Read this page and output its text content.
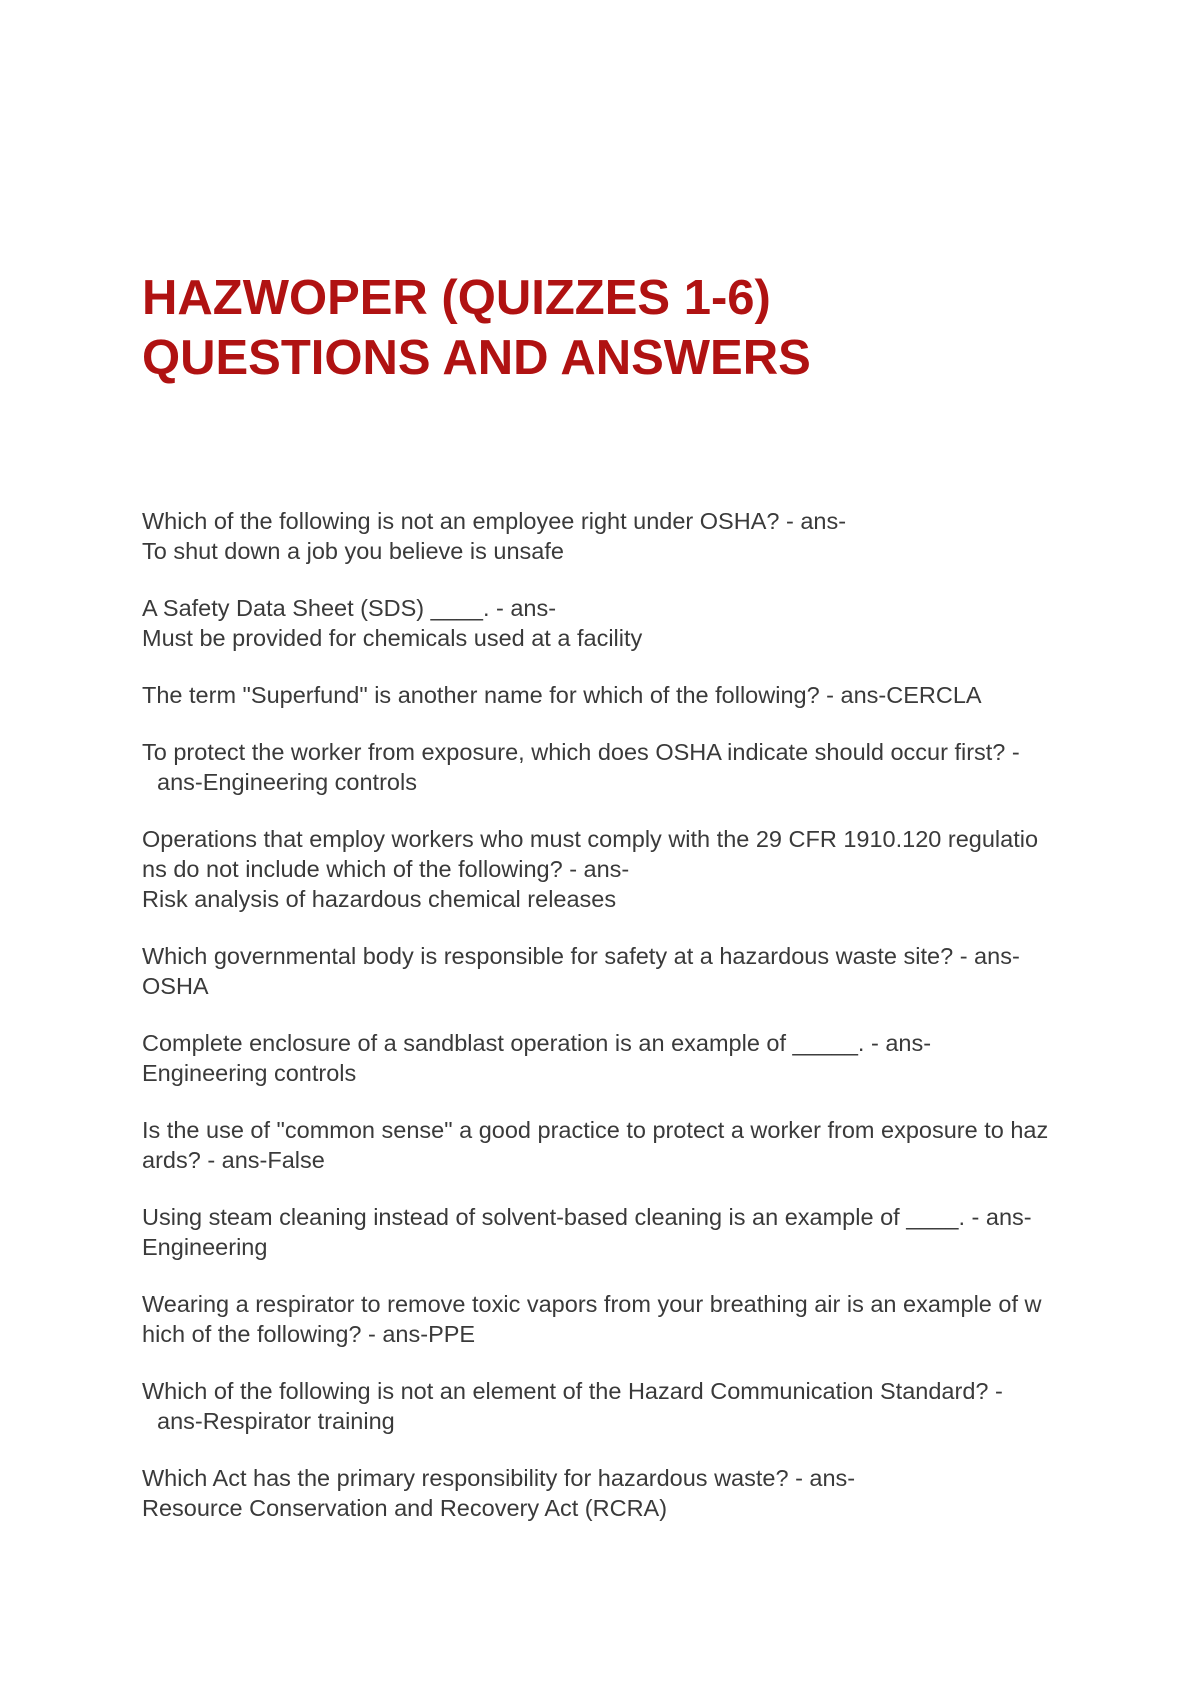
HAZWOPER (QUIZZES 1-6)
QUESTIONS AND ANSWERS
Which of the following is not an employee right under OSHA? - ans-
To shut down a job you believe is unsafe
A Safety Data Sheet (SDS) ____. - ans-
Must be provided for chemicals used at a facility
The term "Superfund" is another name for which of the following? - ans-CERCLA
To protect the worker from exposure, which does OSHA indicate should occur first? -
ans-Engineering controls
Operations that employ workers who must comply with the 29 CFR 1910.120 regulatio
ns do not include which of the following? - ans-
Risk analysis of hazardous chemical releases
Which governmental body is responsible for safety at a hazardous waste site? - ans-
OSHA
Complete enclosure of a sandblast operation is an example of _____. - ans-
Engineering controls
Is the use of "common sense" a good practice to protect a worker from exposure to haz
ards? - ans-False
Using steam cleaning instead of solvent-based cleaning is an example of ____. - ans-
Engineering
Wearing a respirator to remove toxic vapors from your breathing air is an example of w
hich of the following? - ans-PPE
Which of the following is not an element of the Hazard Communication Standard? -
ans-Respirator training
Which Act has the primary responsibility for hazardous waste? - ans-
Resource Conservation and Recovery Act (RCRA)
